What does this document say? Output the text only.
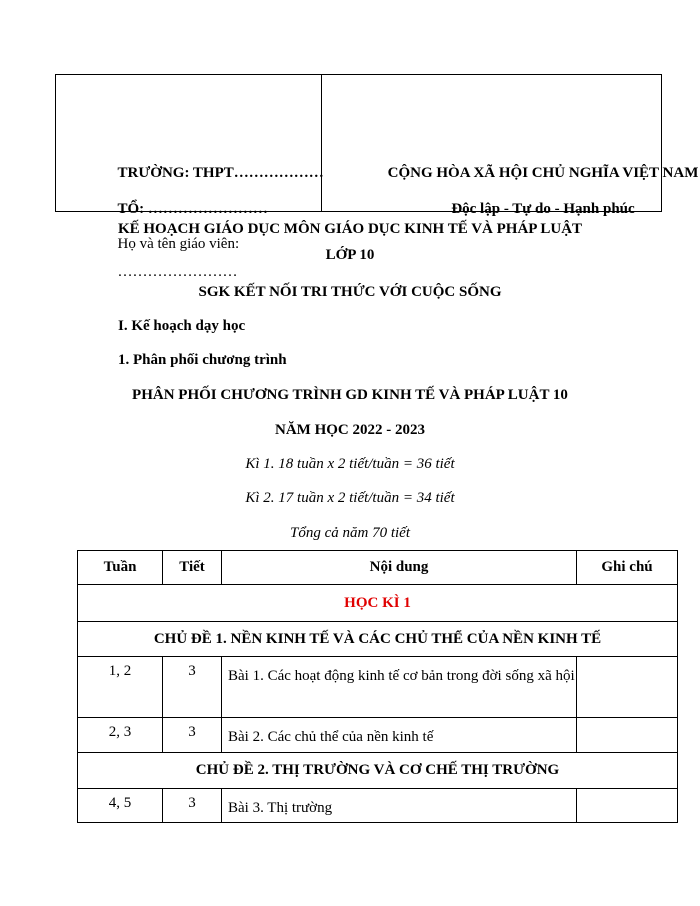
TRƯỜNG: THPT………………
TỔ: ……………………
Họ và tên giáo viên:
……………………

CỘNG HÒA XÃ HỘI CHỦ NGHĨA VIỆT NAM
Độc lập - Tự do - Hạnh phúc
KẾ HOẠCH GIÁO DỤC MÔN GIÁO DỤC KINH TẾ VÀ PHÁP LUẬT
LỚP 10
SGK KẾT NỐI TRI THỨC VỚI CUỘC SỐNG
I. Kế hoạch dạy học
1. Phân phối chương trình
PHÂN PHỐI CHƯƠNG TRÌNH GD KINH TẾ VÀ PHÁP LUẬT 10
NĂM HỌC 2022 - 2023
Kì 1. 18 tuần x 2 tiết/tuần = 36 tiết
Kì 2. 17 tuần x 2 tiết/tuần = 34 tiết
Tổng cả năm 70 tiết
Tuần	Tiết	Nội dung	Ghi chú
HỌC KÌ 1			
CHỦ ĐỀ 1. NỀN KINH TẾ VÀ CÁC CHỦ THỂ CỦA NỀN KINH TẾ			
1, 2	3	Bài 1. Các hoạt động kinh tế cơ bản trong đời sống xã hội	
2, 3	3	Bài 2. Các chủ thể của nền kinh tế	
CHỦ ĐỀ 2. THỊ TRƯỜNG VÀ CƠ CHẾ THỊ TRƯỜNG			
4, 5	3	Bài 3. Thị trường	
